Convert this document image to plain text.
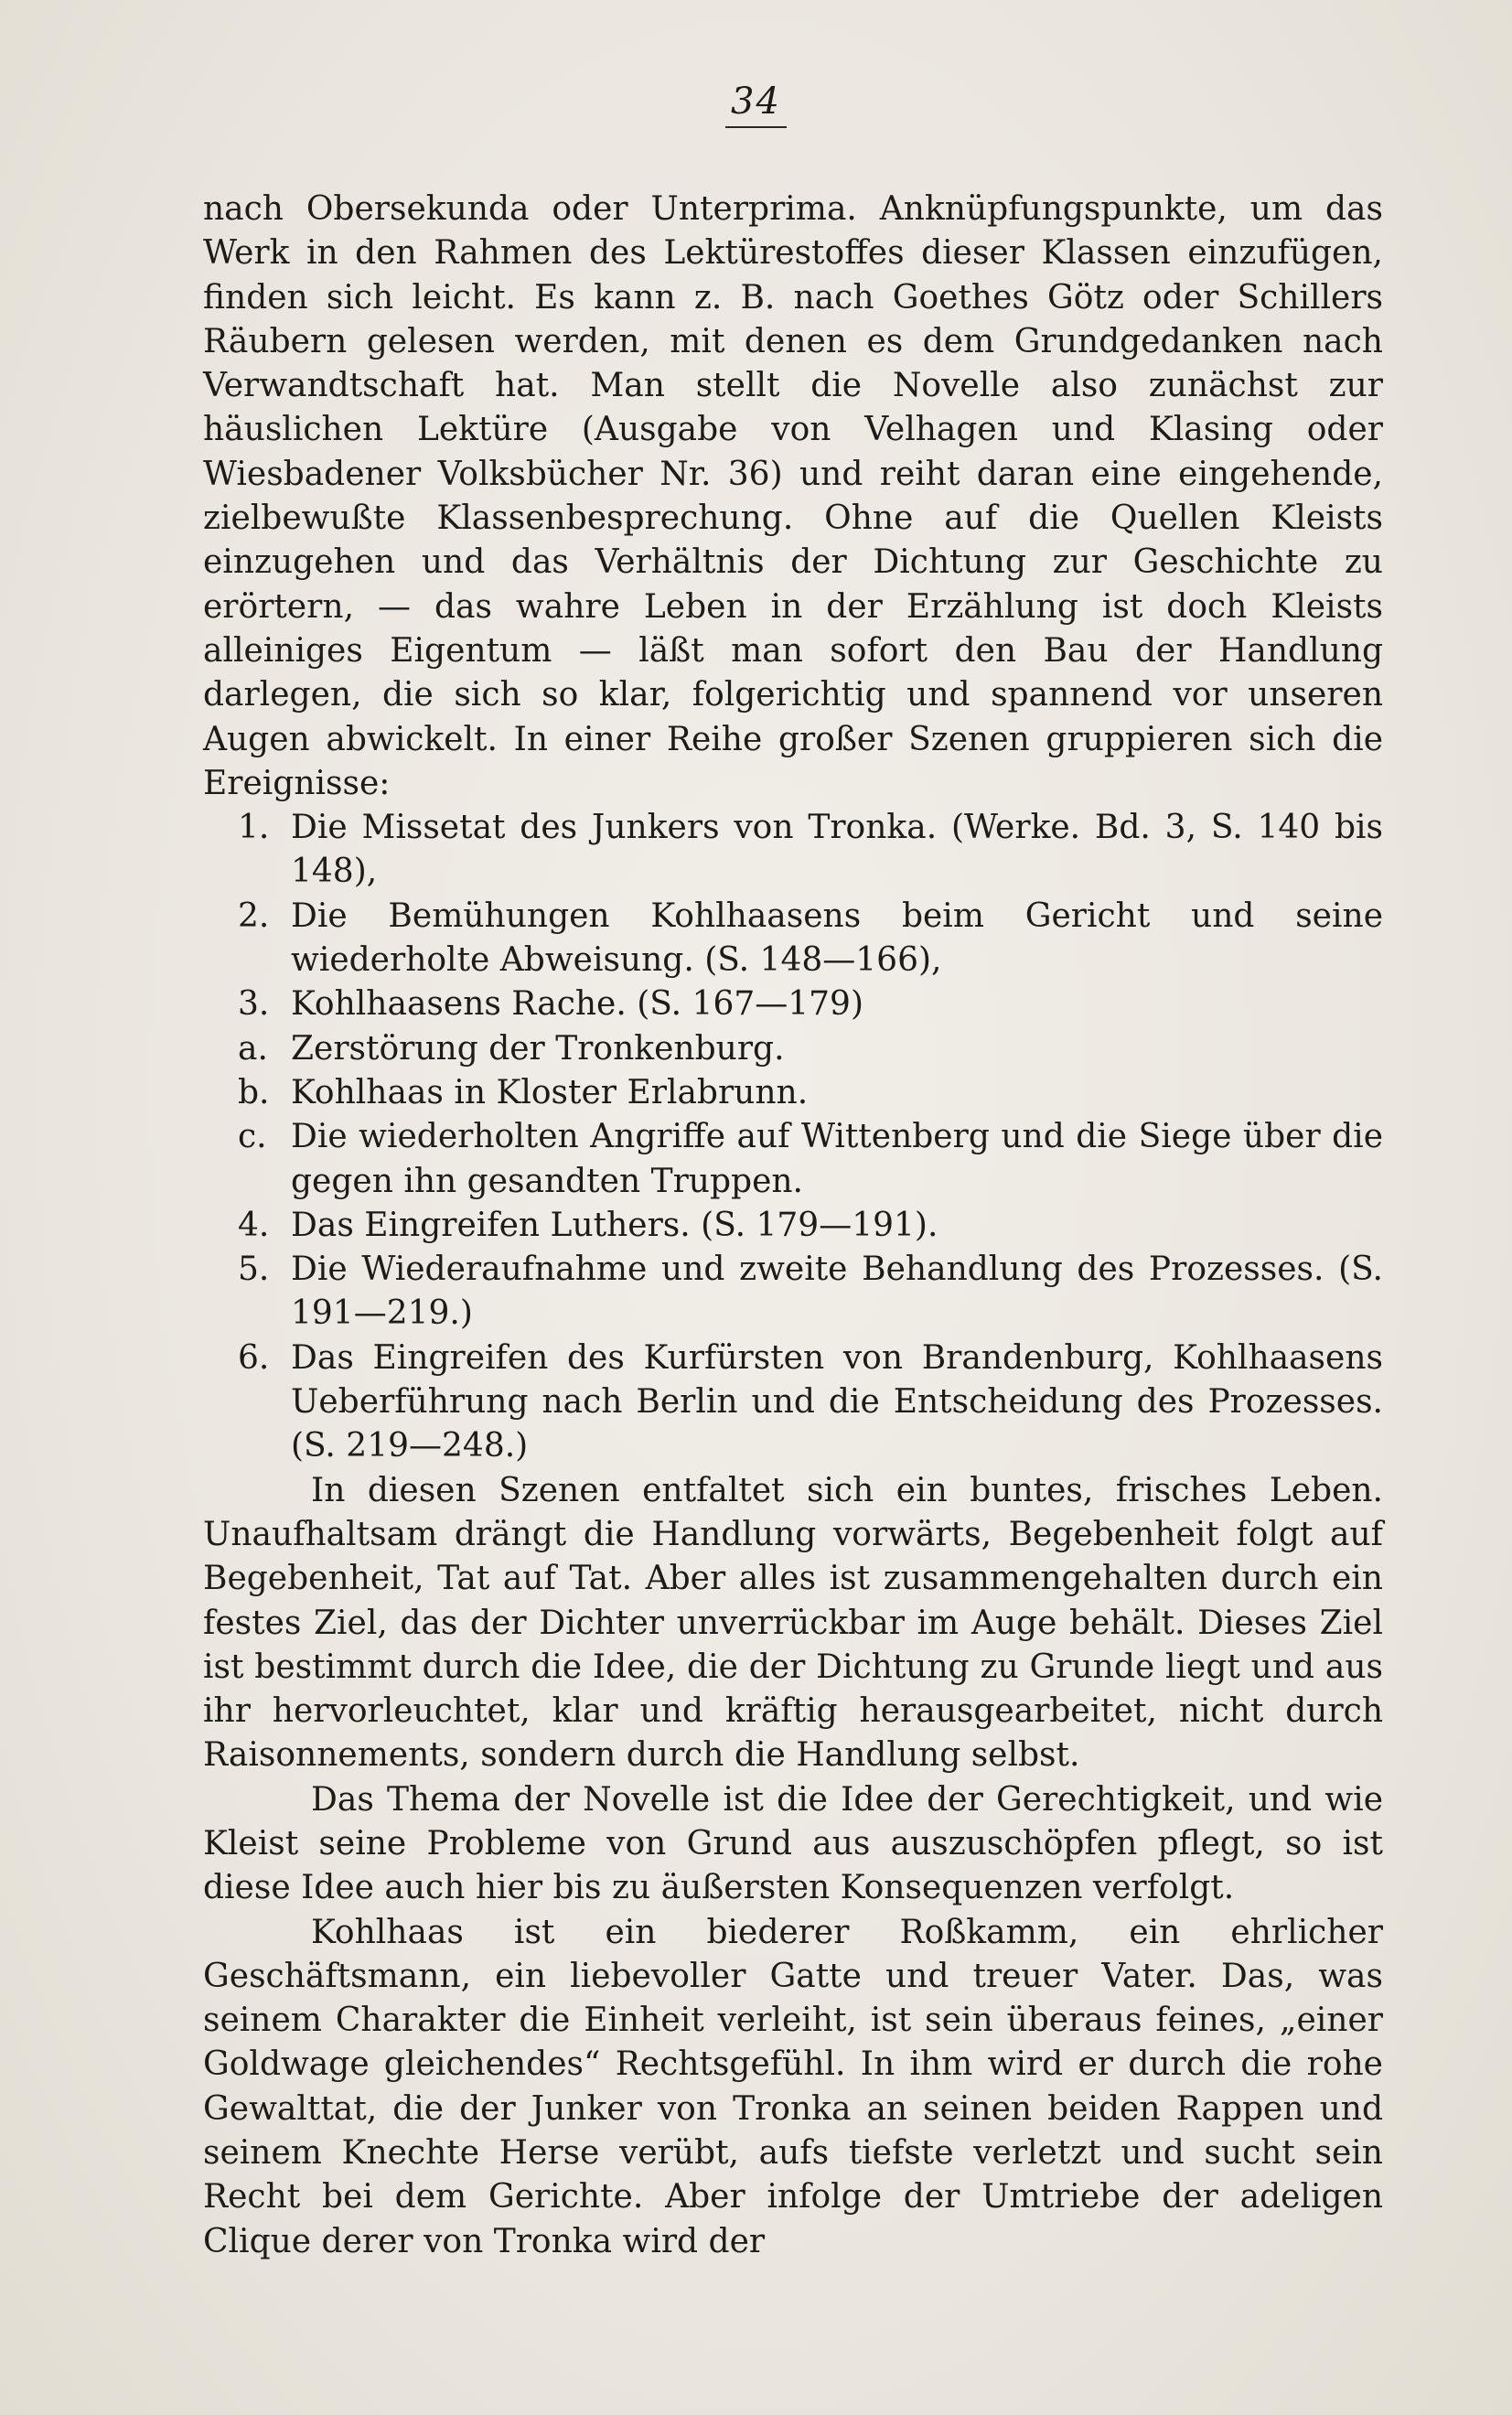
34

nach Obersekunda oder Unterprima. Anknüpfungspunkte, um das Werk in den Rahmen des Lektürestoffes dieser Klassen einzufügen, finden sich leicht. Es kann z. B. nach Goethes Götz oder Schillers Räubern gelesen werden, mit denen es dem Grundgedanken nach Verwandtschaft hat. Man stellt die Novelle also zunächst zur häuslichen Lektüre (Ausgabe von Velhagen und Klasing oder Wiesbadener Volksbücher Nr. 36) und reiht daran eine eingehende, zielbewußte Klassenbesprechung. Ohne auf die Quellen Kleists einzugehen und das Verhältnis der Dichtung zur Geschichte zu erörtern, — das wahre Leben in der Erzählung ist doch Kleists alleiniges Eigentum — läßt man sofort den Bau der Handlung darlegen, die sich so klar, folgerichtig und spannend vor unseren Augen abwickelt. In einer Reihe großer Szenen gruppieren sich die Ereignisse:

1. Die Missetat des Junkers von Tronka. (Werke. Bd. 3, S. 140 bis 148),
2. Die Bemühungen Kohlhaasens beim Gericht und seine wiederholte Abweisung. (S. 148—166),
3. Kohlhaasens Rache. (S. 167—179)
a. Zerstörung der Tronkenburg.
b. Kohlhaas in Kloster Erlabrunn.
c. Die wiederholten Angriffe auf Wittenberg und die Siege über die gegen ihn gesandten Truppen.
4. Das Eingreifen Luthers. (S. 179—191).
5. Die Wiederaufnahme und zweite Behandlung des Prozesses. (S. 191—219.)
6. Das Eingreifen des Kurfürsten von Brandenburg, Kohlhaasens Ueberführung nach Berlin und die Entscheidung des Prozesses. (S. 219—248.)

In diesen Szenen entfaltet sich ein buntes, frisches Leben. Unaufhaltsam drängt die Handlung vorwärts, Begebenheit folgt auf Begebenheit, Tat auf Tat. Aber alles ist zusammengehalten durch ein festes Ziel, das der Dichter unverrückbar im Auge behält. Dieses Ziel ist bestimmt durch die Idee, die der Dichtung zu Grunde liegt und aus ihr hervorleuchtet, klar und kräftig herausgearbeitet, nicht durch Raisonnements, sondern durch die Handlung selbst.

Das Thema der Novelle ist die Idee der Gerechtigkeit, und wie Kleist seine Probleme von Grund aus auszuschöpfen pflegt, so ist diese Idee auch hier bis zu äußersten Konsequenzen verfolgt.

Kohlhaas ist ein biederer Roßkamm, ein ehrlicher Geschäftsmann, ein liebevoller Gatte und treuer Vater. Das, was seinem Charakter die Einheit verleiht, ist sein überaus feines, „einer Goldwage gleichendes“ Rechtsgefühl. In ihm wird er durch die rohe Gewalttat, die der Junker von Tronka an seinen beiden Rappen und seinem Knechte Herse verübt, aufs tiefste verletzt und sucht sein Recht bei dem Gerichte. Aber infolge der Umtriebe der adeligen Clique derer von Tronka wird der
